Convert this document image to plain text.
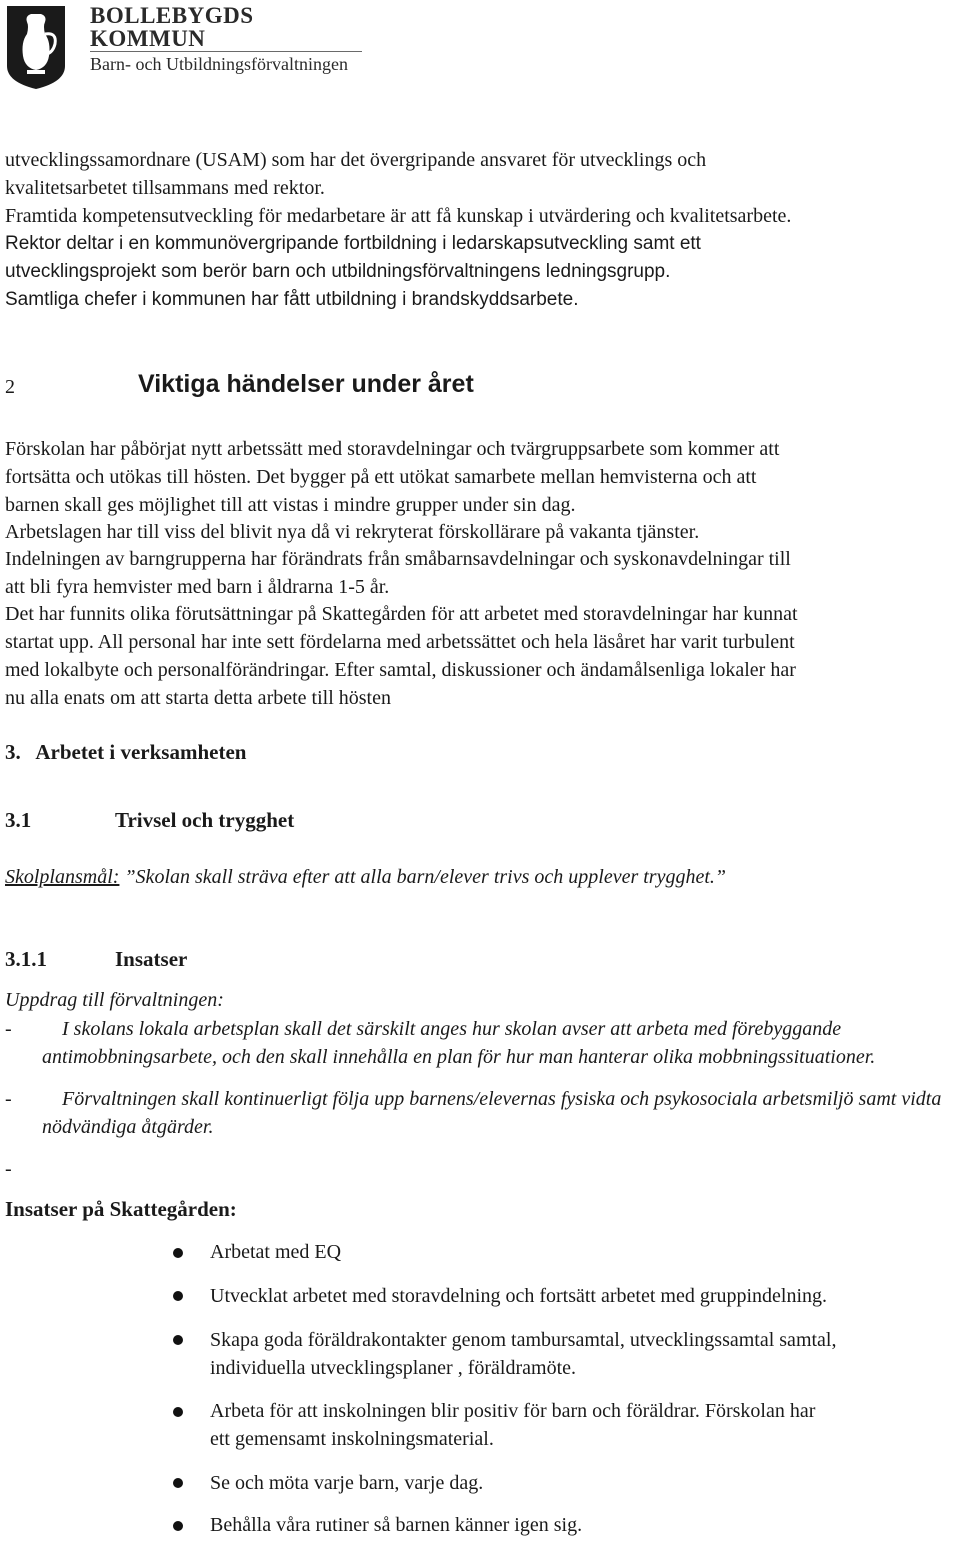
BOLLEBYGDS
KOMMUN
Barn- och Utbildningsförvaltningen
utvecklingssamordnare (USAM) som har det övergripande ansvaret för utvecklings och
kvalitetsarbetet tillsammans med rektor.
Framtida kompetensutveckling för medarbetare är att få kunskap i utvärdering och kvalitetsarbete.
Rektor deltar i en kommunövergripande fortbildning i ledarskapsutveckling samt ett
utvecklingsprojekt som berör barn och utbildningsförvaltningens ledningsgrupp.
Samtliga chefer i kommunen har fått utbildning i brandskyddsarbete.
2	Viktiga händelser under året
Förskolan har påbörjat nytt arbetssätt med storavdelningar och tvärgruppsarbete som kommer att
fortsätta och utökas till hösten. Det bygger på ett utökat samarbete mellan hemvisterna och att
barnen skall ges möjlighet till att vistas i mindre grupper under sin dag.
Arbetslagen har till viss del blivit nya då vi rekryterat förskollärare på vakanta tjänster.
Indelningen av barngrupperna har förändrats från småbarnsavdelningar och syskonavdelningar till
att bli fyra hemvister med barn i åldrarna 1-5 år.
Det har funnits olika förutsättningar på Skattegården för att arbetet med storavdelningar har kunnat
startat upp. All personal har inte sett fördelarna med arbetssättet och hela läsåret har varit turbulent
med lokalbyte och personalförändringar. Efter samtal, diskussioner och ändamålsenliga lokaler har
nu alla enats om att starta detta arbete till hösten
3.   Arbetet i verksamheten
3.1	Trivsel och trygghet
Skolplansmål: ”Skolan skall sträva efter att alla barn/elever trivs och upplever trygghet.”
3.1.1	Insatser
Uppdrag till förvaltningen:
-	I skolans lokala arbetsplan skall det särskilt anges hur skolan avser att arbeta med förebyggande
antimobbningsarbete, och den skall innehålla en plan för hur man hanterar olika mobbningssituationer.
-	Förvaltningen skall kontinuerligt följa upp barnens/elevernas fysiska och psykosociala arbetsmiljö samt vidta
nödvändiga åtgärder.
-
Insatser på Skattegården:
Arbetat med EQ
Utvecklat arbetet med storavdelning och fortsätt arbetet med gruppindelning.
Skapa goda föräldrakontakter genom tambursamtal, utvecklingssamtal samtal,
individuella utvecklingsplaner , föräldramöte.
Arbeta för att inskolningen blir positiv för barn och föräldrar. Förskolan har
ett gemensamt inskolningsmaterial.
Se och möta varje barn, varje dag.
Behålla våra rutiner så barnen känner igen sig.
